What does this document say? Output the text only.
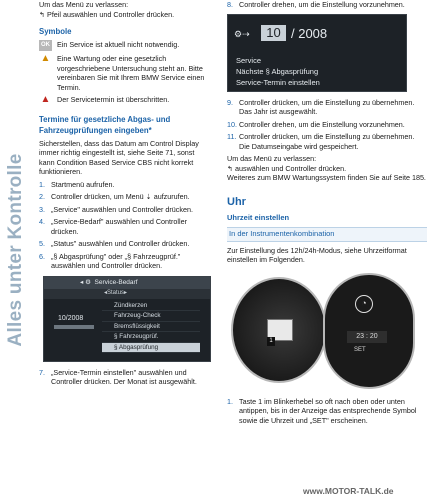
Alles unter Kontrolle

Um das Menü zu verlassen:

↰ Pfeil auswählen und Controller drücken.

Symbole
OK Ein Service ist aktuell nicht notwendig.
▲ Eine Wartung oder eine gesetzlich vorgeschriebene Untersuchung steht an. Bitte vereinbaren Sie mit Ihrem BMW Service einen Termin.
▲ Der Servicetermin ist überschritten.
Termine für gesetzliche Abgas- und Fahrzeugprüfungen eingeben*

Sicherstellen, dass das Datum am Control Display immer richtig eingestellt ist, siehe Seite 71, sonst kann Condition Based Service CBS nicht korrekt funktionieren.

1. Startmenü aufrufen.
2. Controller drücken, um Menü ⇣ aufzurufen.
3. „Service" auswählen und Controller drücken.
4. „Service-Bedarf" auswählen und Controller drücken.
5. „Status" auswählen und Controller drücken.
6. „§ Abgasprüfung" oder „§ Fahrzeugprüf." auswählen und Controller drücken.
◂ ⚙ Service-Bedarf
◂ Status ▸
10/2008
Zündkerzen
Fahrzeug-Check
Bremsflüssigkeit
§ Fahrzeugprüf.
§ Abgasprüfung
7. „Service-Termin einstellen" auswählen und Controller drücken. Der Monat ist ausgewählt.
8. Controller drehen, um die Einstellung vorzunehmen.
⚙⇢	10 / 2008
Service
Nächste § Abgasprüfung
Service-Termin einstellen
9. Controller drücken, um die Einstellung zu übernehmen. Das Jahr ist ausgewählt.
10. Controller drehen, um die Einstellung vorzunehmen.
11. Controller drücken, um die Einstellung zu übernehmen. Die Datumseingabe wird gespeichert.

Um das Menü zu verlassen:

↰ auswählen und Controller drücken.

Weiteres zum BMW Wartungssystem finden Sie auf Seite 185.

Uhr
Uhrzeit einstellen
In der Instrumentenkombination

Zur Einstellung des 12h/24h-Modus, siehe Uhrzeitformat einstellen im Folgenden.

◔
23 : 20
SET
1
1. Taste 1 im Blinkerhebel so oft nach oben oder unten antippen, bis in der Anzeige das entsprechende Symbol sowie die Uhrzeit und „SET" erscheinen.
www.MOTOR-TALK.de
